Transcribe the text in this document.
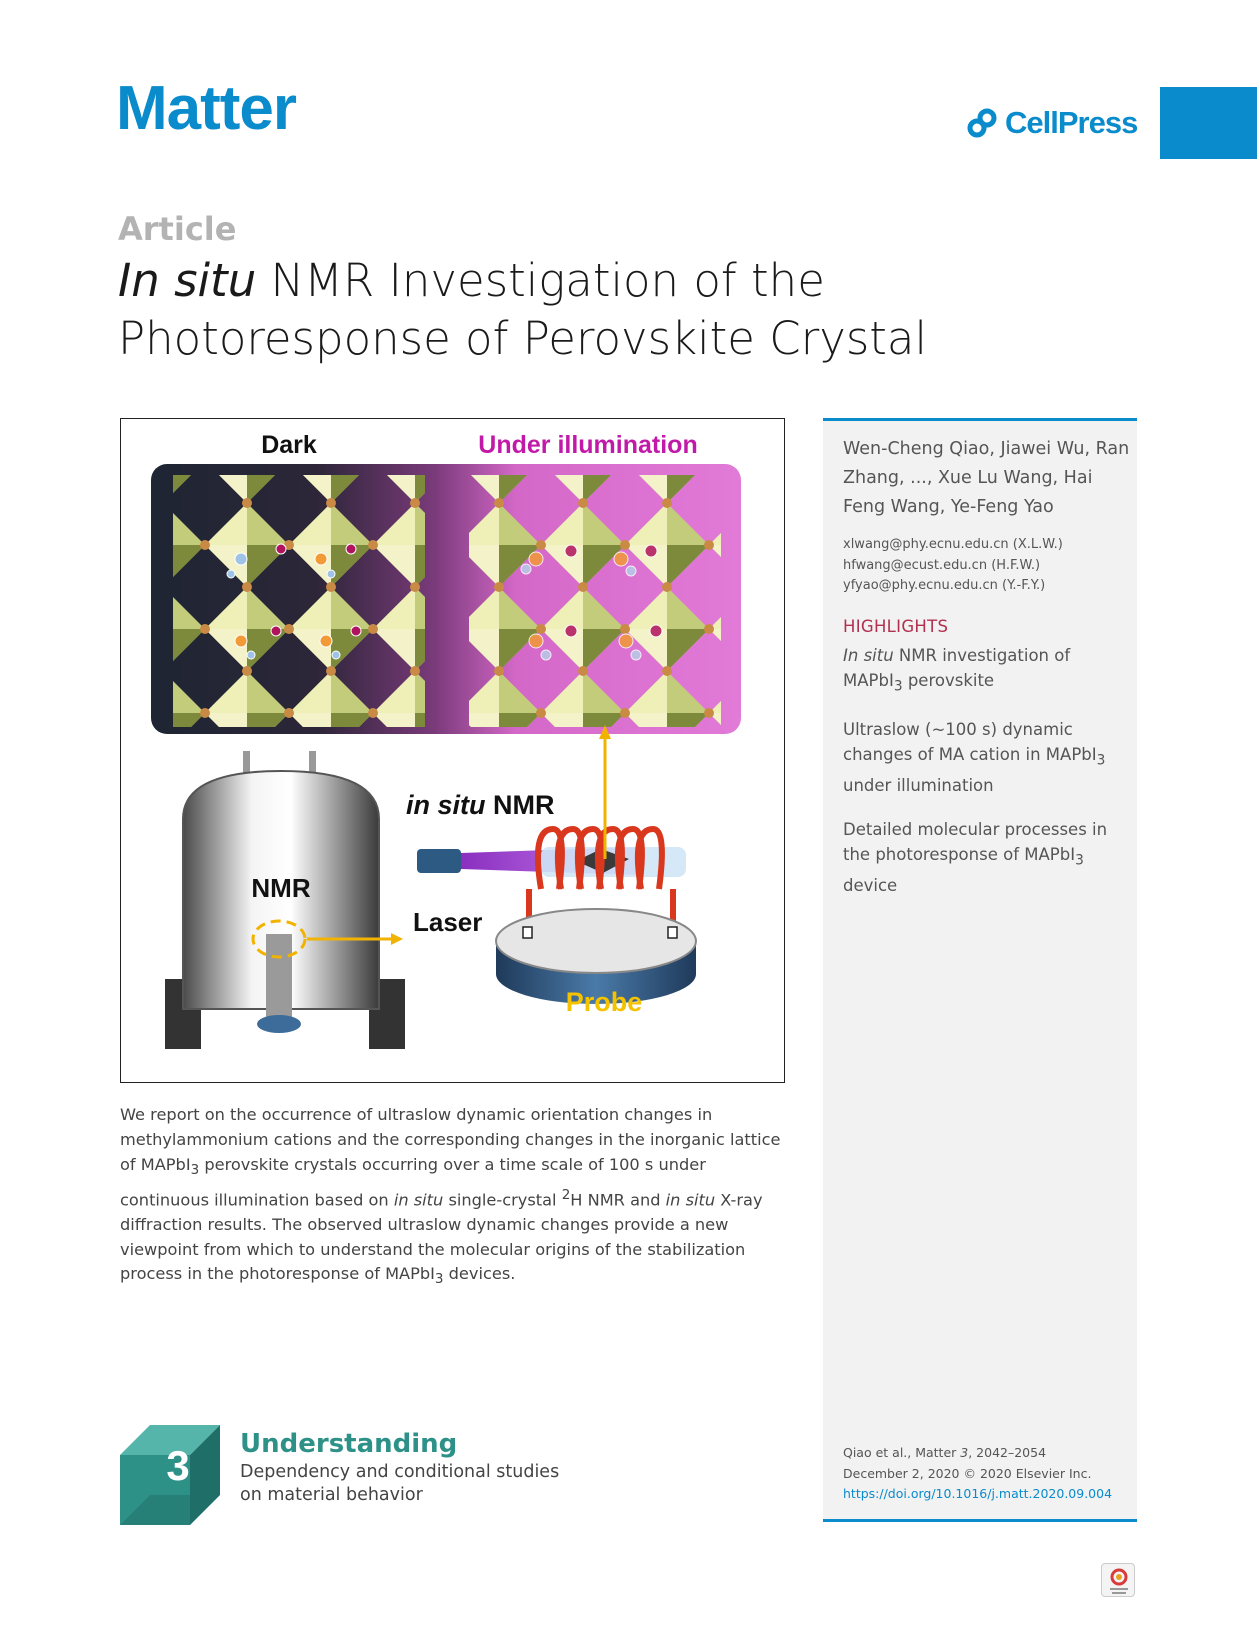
Matter	CellPress
Article
In situ NMR Investigation of the
Photoresponse of Perovskite Crystal
Dark	Under illumination
NMR
in situ NMR
Laser
Probe
We report on the occurrence of ultraslow dynamic orientation changes in methylammonium cations and the corresponding changes in the inorganic lattice of MAPbI$_3$ perovskite crystals occurring over a time scale of 100 s under continuous illumination based on in situ single-crystal $^2$H NMR and in situ X-ray diffraction results. The observed ultraslow dynamic changes provide a new viewpoint from which to understand the molecular origins of the stabilization process in the photoresponse of MAPbI$_3$ devices.
Wen-Cheng Qiao, Jiawei Wu, Ran Zhang, ..., Xue Lu Wang, Hai Feng Wang, Ye-Feng Yao
xlwang@phy.ecnu.edu.cn (X.L.W.)
hfwang@ecust.edu.cn (H.F.W.)
yfyao@phy.ecnu.edu.cn (Y.-F.Y.)
HIGHLIGHTS
In situ NMR investigation of MAPbI$_3$ perovskite
Ultraslow (~100 s) dynamic changes of MA cation in MAPbI$_3$ under illumination
Detailed molecular processes in the photoresponse of MAPbI$_3$ device
Qiao et al., Matter 3, 2042–2054
December 2, 2020 © 2020 Elsevier Inc.
https://doi.org/10.1016/j.matt.2020.09.004
3 Understanding
Dependency and conditional studies
on material behavior
